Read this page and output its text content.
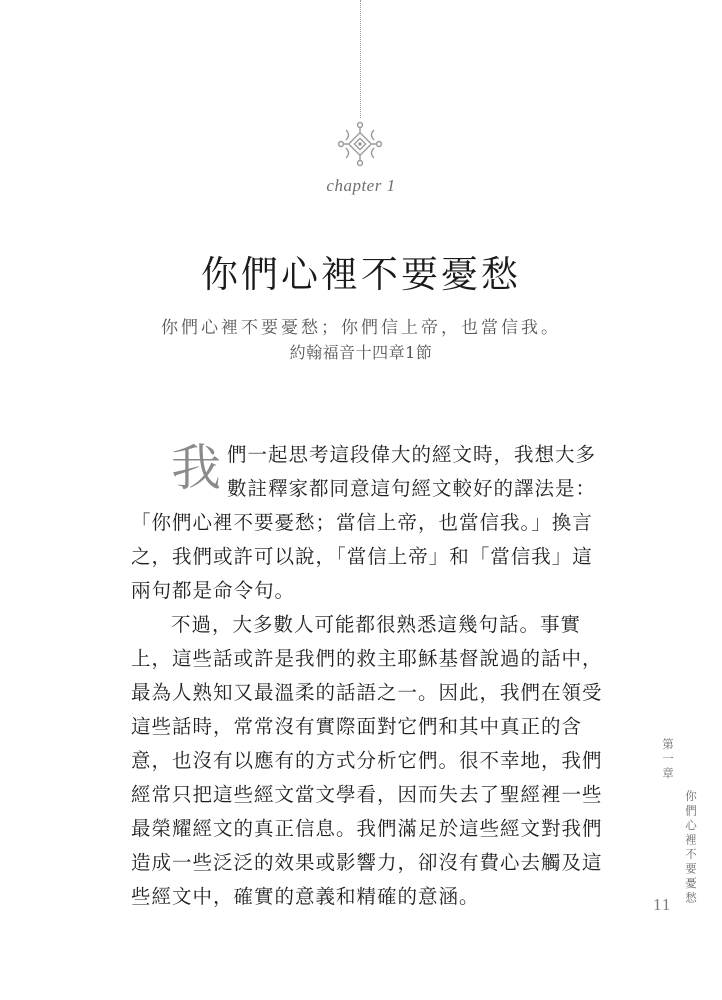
chapter 1
你們心裡不要憂愁
你們心裡不要憂愁；你們信上帝，也當信我。
約翰福音十四章1節
我 們一起思考這段偉大的經文時，我想大多
數註釋家都同意這句經文較好的譯法是：
「你們心裡不要憂愁；當信上帝，也當信我。」換言
之，我們或許可以說，「當信上帝」和「當信我」這
兩句都是命令句。
不過，大多數人可能都很熟悉這幾句話。事實
上，這些話或許是我們的救主耶穌基督說過的話中，
最為人熟知又最溫柔的話語之一。因此，我們在領受
這些話時，常常沒有實際面對它們和其中真正的含
意，也沒有以應有的方式分析它們。很不幸地，我們
經常只把這些經文當文學看，因而失去了聖經裡一些
最榮耀經文的真正信息。我們滿足於這些經文對我們
造成一些泛泛的效果或影響力，卻沒有費心去觸及這
些經文中，確實的意義和精確的意涵。
第一章
你們心裡不要憂愁
11
